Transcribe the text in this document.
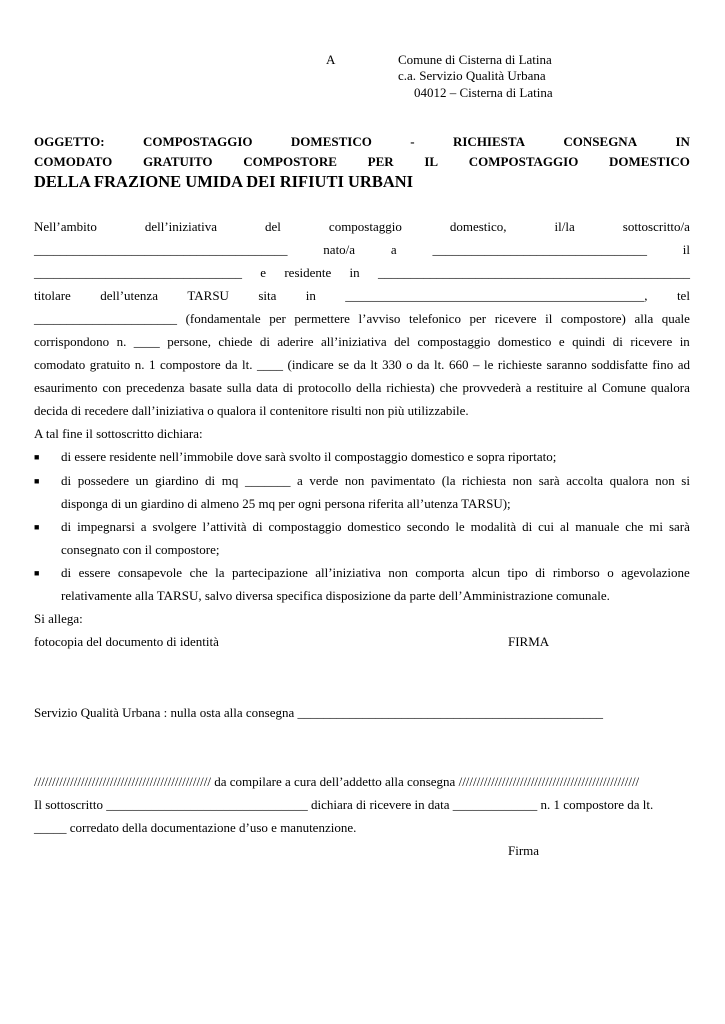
A	Comune di Cisterna di Latina
c.a. Servizio Qualità Urbana
04012 – Cisterna di Latina
OGGETTO:	COMPOSTAGGIO	DOMESTICO	-	RICHIESTA	CONSEGNA	IN
COMODATO GRATUITO COMPOSTORE PER IL COMPOSTAGGIO DOMESTICO
DELLA FRAZIONE UMIDA DEI RIFIUTI URBANI
Nell’ambito	dell’iniziativa	del	compostaggio	domestico,	il/la	sottoscritto/a
_______________________________________	nato/a	a	_________________________________	il
________________________________ e residente in ________________________________________________
titolare dell’utenza TARSU sita in ______________________________________________, tel
______________________ (fondamentale per permettere l’avviso telefonico per ricevere il compostore) alla quale
corrispondono n. ____ persone, chiede di aderire all’iniziativa del compostaggio domestico e quindi di ricevere in
comodato gratuito n. 1 compostore da lt. ____ (indicare se da lt 330 o da lt. 660 – le richieste saranno soddisfatte fino ad
esaurimento con precedenza basate sulla data di protocollo della richiesta) che provvederà a restituire al Comune qualora
decida di recedere dall’iniziativa o qualora il contenitore risulti non più utilizzabile.
A tal fine il sottoscritto dichiara:
■ di essere residente nell’immobile dove sarà svolto il compostaggio domestico e sopra riportato;
■ di possedere un giardino di mq _______ a verde non pavimentato (la richiesta non sarà accolta qualora non si
disponga di un giardino di almeno 25 mq per ogni persona riferita all’utenza TARSU);
■ di impegnarsi a svolgere l’attività di compostaggio domestico secondo le modalità di cui al manuale che mi sarà
consegnato con il compostore;
■ di essere consapevole che la partecipazione all’iniziativa non comporta alcun tipo di rimborso o agevolazione
relativamente alla TARSU, salvo diversa specifica disposizione da parte dell’Amministrazione comunale.
Si allega:
fotocopia del documento di identità	FIRMA
Servizio Qualità Urbana : nulla osta alla consegna _______________________________________________
///////////////////////////////////////////////// da compilare a cura dell’addetto alla consegna //////////////////////////////////////////////////
Il sottoscritto _______________________________ dichiara di ricevere in data _____________ n. 1 compostore da lt.
_____ corredato della documentazione d’uso e manutenzione.
Firma
